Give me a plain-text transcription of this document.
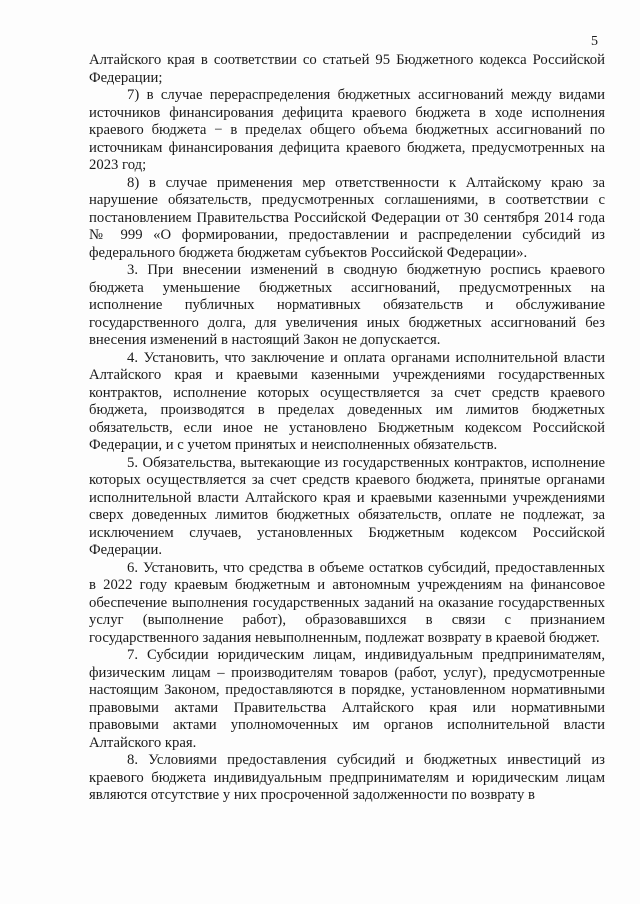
5

Алтайского края в соответствии со статьей 95 Бюджетного кодекса Российской Федерации;

7) в случае перераспределения бюджетных ассигнований между видами источников финансирования дефицита краевого бюджета в ходе исполнения краевого бюджета − в пределах общего объема бюджетных ассигнований по источникам финансирования дефицита краевого бюджета, предусмотренных на 2023 год;

8) в случае применения мер ответственности к Алтайскому краю за нарушение обязательств, предусмотренных соглашениями, в соответствии с постановлением Правительства Российской Федерации от 30 сентября 2014 года № 999 «О формировании, предоставлении и распределении субсидий из федерального бюджета бюджетам субъектов Российской Федерации».

3. При внесении изменений в сводную бюджетную роспись краевого бюджета уменьшение бюджетных ассигнований, предусмотренных на исполнение публичных нормативных обязательств и обслуживание государственного долга, для увеличения иных бюджетных ассигнований без внесения изменений в настоящий Закон не допускается.

4. Установить, что заключение и оплата органами исполнительной власти Алтайского края и краевыми казенными учреждениями государственных контрактов, исполнение которых осуществляется за счет средств краевого бюджета, производятся в пределах доведенных им лимитов бюджетных обязательств, если иное не установлено Бюджетным кодексом Российской Федерации, и с учетом принятых и неисполненных обязательств.

5. Обязательства, вытекающие из государственных контрактов, исполнение которых осуществляется за счет средств краевого бюджета, принятые органами исполнительной власти Алтайского края и краевыми казенными учреждениями сверх доведенных лимитов бюджетных обязательств, оплате не подлежат, за исключением случаев, установленных Бюджетным кодексом Российской Федерации.

6. Установить, что средства в объеме остатков субсидий, предоставленных в 2022 году краевым бюджетным и автономным учреждениям на финансовое обеспечение выполнения государственных заданий на оказание государственных услуг (выполнение работ), образовавшихся в связи с признанием государственного задания невыполненным, подлежат возврату в краевой бюджет.

7. Субсидии юридическим лицам, индивидуальным предпринимателям, физическим лицам – производителям товаров (работ, услуг), предусмотренные настоящим Законом, предоставляются в порядке, установленном нормативными правовыми актами Правительства Алтайского края или нормативными правовыми актами уполномоченных им органов исполнительной власти Алтайского края.

8. Условиями предоставления субсидий и бюджетных инвестиций из краевого бюджета индивидуальным предпринимателям и юридическим лицам являются отсутствие у них просроченной задолженности по возврату в
